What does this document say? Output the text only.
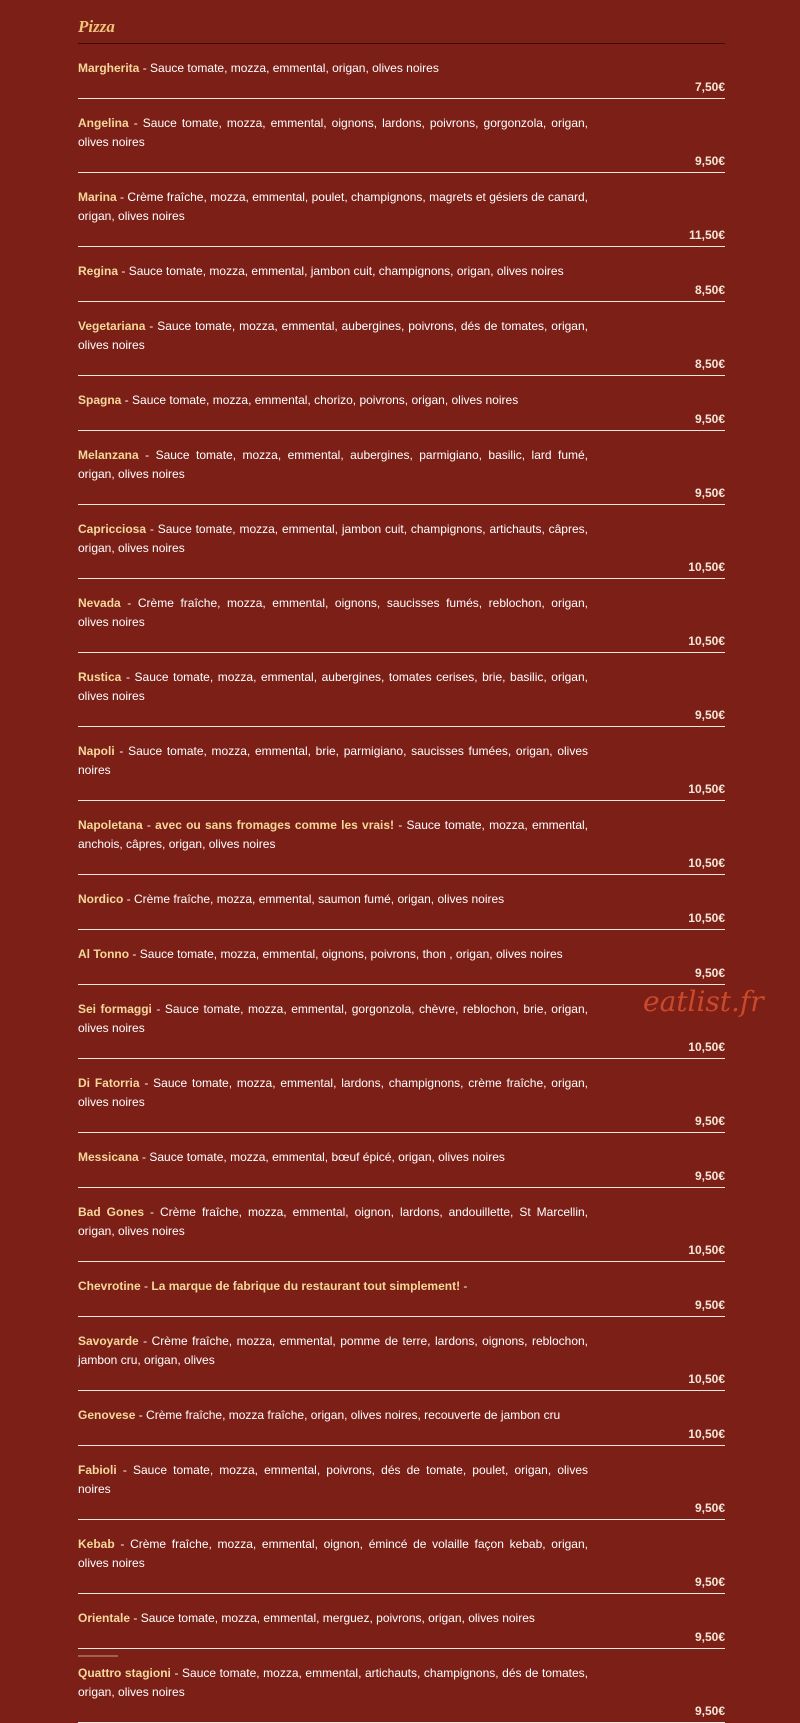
Pizza
Margherita - Sauce tomate, mozza, emmental, origan, olives noires
7,50€
Angelina - Sauce tomate, mozza, emmental, oignons, lardons, poivrons, gorgonzola, origan, olives noires
9,50€
Marina - Crème fraîche, mozza, emmental, poulet, champignons, magrets et gésiers de canard, origan, olives noires
11,50€
Regina - Sauce tomate, mozza, emmental, jambon cuit, champignons, origan, olives noires
8,50€
Vegetariana - Sauce tomate, mozza, emmental, aubergines, poivrons, dés de tomates, origan, olives noires
8,50€
Spagna - Sauce tomate, mozza, emmental, chorizo, poivrons, origan, olives noires
9,50€
Melanzana - Sauce tomate, mozza, emmental, aubergines, parmigiano, basilic, lard fumé, origan, olives noires
9,50€
Capricciosa - Sauce tomate, mozza, emmental, jambon cuit, champignons, artichauts, câpres, origan, olives noires
10,50€
Nevada - Crème fraîche, mozza, emmental, oignons, saucisses fumés, reblochon, origan, olives noires
10,50€
Rustica - Sauce tomate, mozza, emmental, aubergines, tomates cerises, brie, basilic, origan, olives noires
9,50€
Napoli - Sauce tomate, mozza, emmental, brie, parmigiano, saucisses fumées, origan, olives noires
10,50€
Napoletana - avec ou sans fromages comme les vrais! - Sauce tomate, mozza, emmental, anchois, câpres, origan, olives noires
10,50€
Nordico - Crème fraîche, mozza, emmental, saumon fumé, origan, olives noires
10,50€
Al Tonno - Sauce tomate, mozza, emmental, oignons, poivrons, thon , origan, olives noires
9,50€
Sei formaggi - Sauce tomate, mozza, emmental, gorgonzola, chèvre, reblochon, brie, origan, olives noires
10,50€
Di Fatorria - Sauce tomate, mozza, emmental, lardons, champignons, crème fraîche, origan, olives noires
9,50€
Messicana - Sauce tomate, mozza, emmental, bœuf épicé, origan, olives noires
9,50€
Bad Gones - Crème fraîche, mozza, emmental, oignon, lardons, andouillette, St Marcellin, origan, olives noires
10,50€
Chevrotine - La marque de fabrique du restaurant tout simplement! -
9,50€
Savoyarde - Crème fraîche, mozza, emmental, pomme de terre, lardons, oignons, reblochon, jambon cru, origan, olives
10,50€
Genovese - Crème fraîche, mozza fraîche, origan, olives noires, recouverte de jambon cru
10,50€
Fabioli - Sauce tomate, mozza, emmental, poivrons, dés de tomate, poulet, origan, olives noires
9,50€
Kebab - Crème fraîche, mozza, emmental, oignon, émincé de volaille façon kebab, origan, olives noires
9,50€
Orientale - Sauce tomate, mozza, emmental, merguez, poivrons, origan, olives noires
9,50€
Quattro stagioni - Sauce tomate, mozza, emmental, artichauts, champignons, dés de tomates, origan, olives noires
9,50€
eatlist.fr
